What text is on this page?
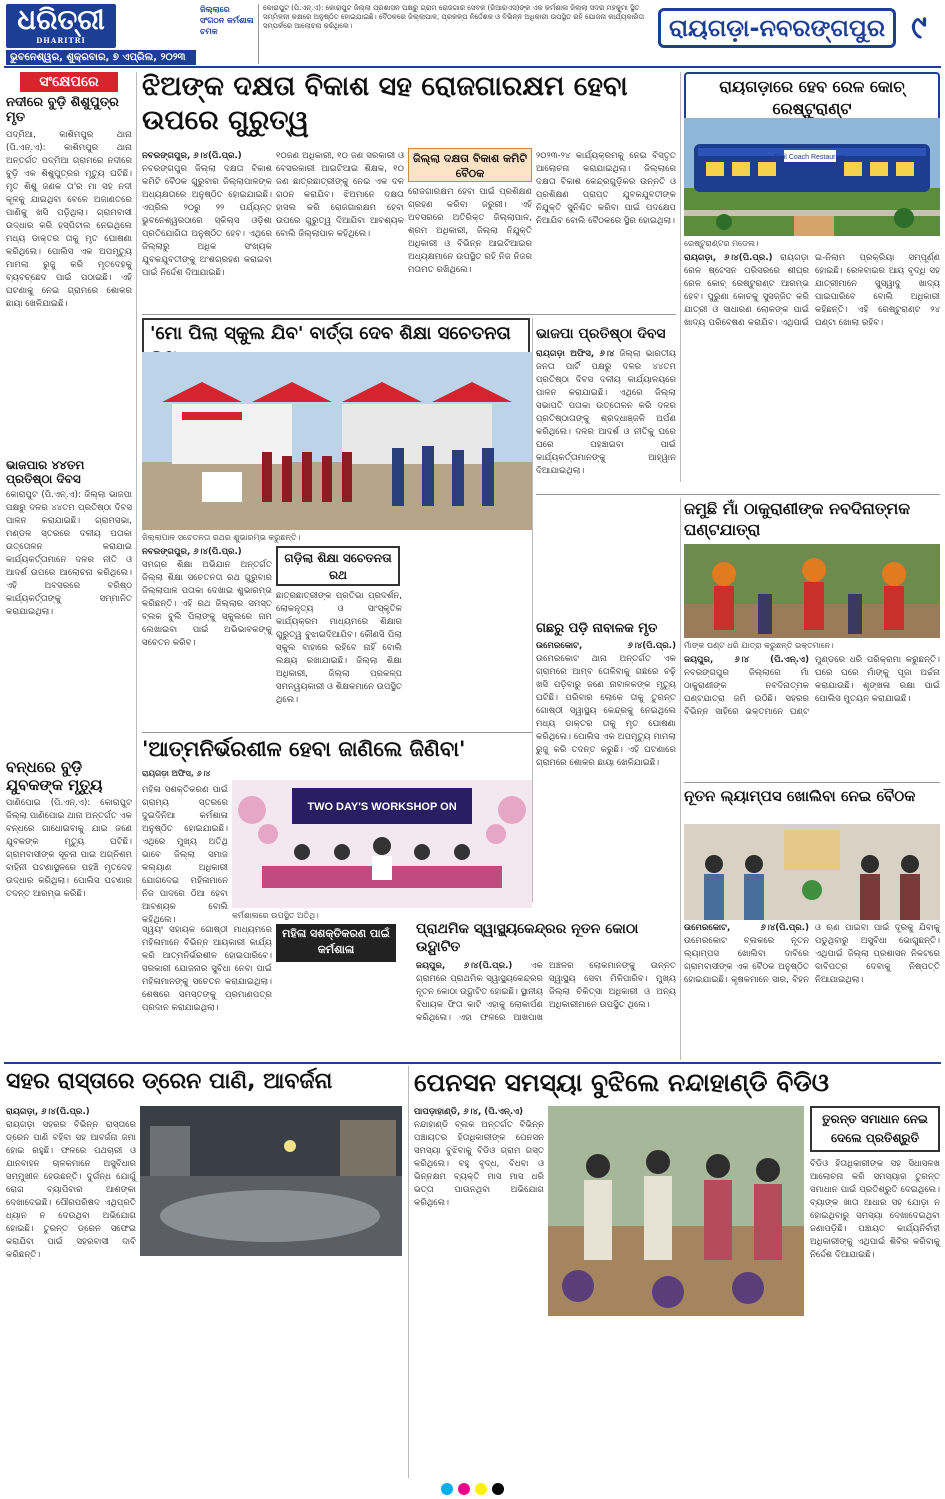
ଧରିତ୍ରୀ
DHARITRI
ଭୁବନେଶ୍ୱର, ଶୁକ୍ରବାର, ୭ ଏପ୍ରିଲ, ୨୦୨୩
ଜିଲ୍ଲାରେ ସଂଗଠନ କର୍ମଶାଳା ଚମକ
କୋରାପୁଟ (ପି.ଏନ୍.ଏ): କୋରାପୁଟ ଜିଲ୍ଲା ପ୍ରଶାସନ ପକ୍ଷରୁ ଗ୍ରାମ ରୋଜଗାର ସେବକ (ଜିଆରଏସ)ଙ୍କ ଏକ କର୍ମଶାଳା ଜିଲ୍ଲା ସଦର ମହକୁମା ସ୍ଥିତ ସମ୍ମିଳନୀ କକ୍ଷରେ ଅନୁଷ୍ଠିତ ହୋଇଯାଇଛି। ବୈଠକରେ ଜିଲ୍ଲାପାଳ, ପ୍ରକଳ୍ପ ନିର୍ଦ୍ଦେଶକ ଓ ବିଭିନ୍ନ ଅଧିକାରୀ ଉପସ୍ଥିତ ରହି ଯୋଜନା କାର୍ଯ୍ୟକାରିତା ସମ୍ପର୍କରେ ଆଲୋଚନା କରିଥିଲେ।	ରାୟଗଡ଼ା-ନବରଙ୍ଗପୁର ୯
ସଂକ୍ଷେପରେ
ନଦୀରେ ବୁଡ଼ି ଶିଶୁପୁତ୍ର ମୃତ
ପଦ୍ମିଆ, କାଶିମପୁର ଥାନା (ପି.ଏନ୍.ଏ): କାଶିମପୁର ଥାନା ଅନ୍ତର୍ଗତ ପଦ୍ମିଆ ଗ୍ରାମରେ ନଦୀରେ ବୁଡ଼ି ଏକ ଶିଶୁପୁତ୍ରର ମୃତ୍ୟୁ ଘଟିଛି। ମୃତ ଶିଶୁ ଜଣକ ତା'ର ମା ସହ ନଦୀ କୂଳକୁ ଯାଇଥିବା ବେଳେ ଅଜାଣତରେ ପାଣିକୁ ଖସି ପଡ଼ିଥିଲା। ଗ୍ରାମବାସୀ ଉଦ୍ଧାର କରି ହସ୍ପିଟାଲ ନେଇଥିଲେ ମଧ୍ୟ ଡାକ୍ତର ତାକୁ ମୃତ ଘୋଷଣା କରିଥିଲେ। ପୋଲିସ ଏକ ଅପମୃତ୍ୟୁ ମାମଲା ରୁଜୁ କରି ମୃତଦେହକୁ ବ୍ୟବଚ୍ଛେଦ ପାଇଁ ପଠାଇଛି। ଏହି ଘଟଣାକୁ ନେଇ ଗ୍ରାମରେ ଶୋକର ଛାୟା ଖେଳିଯାଇଛି।
ଭାଜପାର ୪୪ତମ ପ୍ରତିଷ୍ଠା ଦିବସ
କୋରାପୁଟ (ପି.ଏନ୍.ଏ): ଜିଲ୍ଲା ଭାଜପା ପକ୍ଷରୁ ଦଳର ୪୪ତମ ପ୍ରତିଷ୍ଠା ଦିବସ ପାଳନ କରାଯାଇଛି। ଗ୍ରାମସଭା, ମଣ୍ଡଳ ସ୍ତରରେ ଦଳୀୟ ପତାକା ଉତ୍ତୋଳନ କରାଯାଇ କାର୍ଯ୍ୟକର୍ତ୍ତାମାନେ ଦଳର ନୀତି ଓ ଆଦର୍ଶ ଉପରେ ଆଲୋଚନା କରିଥିଲେ। ଏହି ଅବସରରେ ବରିଷ୍ଠ କାର୍ଯ୍ୟକର୍ତ୍ତାଙ୍କୁ ସମ୍ମାନିତ କରାଯାଇଥିଲା।
ବନ୍ଧରେ ବୁଡ଼ି ଯୁବକଙ୍କ ମୃତ୍ୟୁ
ପାଣିପୋଇ (ପି.ଏନ୍.ଏ): କୋରାପୁଟ ଜିଲ୍ଲା ପାଣିପୋଇ ଥାନା ଅନ୍ତର୍ଗତ ଏକ ବନ୍ଧରେ ଗାଧୋଇବାକୁ ଯାଇ ଜଣେ ଯୁବକଙ୍କ ମୃତ୍ୟୁ ଘଟିଛି। ଗ୍ରାମବାସୀଙ୍କ ସୂଚନା ପାଇ ଅଗ୍ନିଶମ ବାହିନୀ ଘଟଣାସ୍ଥଳରେ ପହଞ୍ଚି ମୃତଦେହ ଉଦ୍ଧାର କରିଥିଲା। ପୋଲିସ ଘଟଣାର ତଦନ୍ତ ଆରମ୍ଭ କରିଛି।
ଝିଅଙ୍କ ଦକ୍ଷତା ବିକାଶ ସହ ରୋଜଗାରକ୍ଷମ ହେବା ଉପରେ ଗୁରୁତ୍ୱ
ନବରଙ୍ଗପୁର, ୬।୪(ପି.ପ୍ର.)
ନବରଙ୍ଗପୁର ଜିଲ୍ଲା ଦକ୍ଷତା ବିକାଶ କମିଟି ବୈଠକ ଗୁରୁବାର ଜିଲ୍ଲାପାଳଙ୍କ ଅଧ୍ୟକ୍ଷତାରେ ଅନୁଷ୍ଠିତ ହୋଇଯାଇଛି। ଏପ୍ରିଲ ୨୦ରୁ ୨୨ ପର୍ଯ୍ୟନ୍ତ ଭୁବନେଶ୍ୱରଠାରେ ସ୍କିଲ୍ସ ଓଡ଼ିଶା ପ୍ରତିଯୋଗିତା ଅନୁଷ୍ଠିତ ହେବ। ଏଥିରେ ଜିଲ୍ଲାରୁ ଅଧିକ ସଂଖ୍ୟକ ଯୁବକଯୁବତୀଙ୍କୁ ଅଂଶଗ୍ରହଣ କରାଇବା ପାଇଁ ନିର୍ଦ୍ଦେଶ ଦିଆଯାଇଛି।
୧୦ଜଣ ଅଧିକାରୀ, ୧୦ ଜଣ ସରକାରୀ ଓ ବେସରକାରୀ ଆଇଟିଆଇ ଶିକ୍ଷକ, ୧୦ ଜଣ ଛାତ୍ରଛାତ୍ରୀଙ୍କୁ ନେଇ ଏକ ଦଳ ଗଠନ କରାଯିବ। ଝିଅମାନେ ଦକ୍ଷତା ହାସଲ କରି ରୋଜଗାରକ୍ଷମ ହେବା ଉପରେ ଗୁରୁତ୍ୱ ଦିଆଯିବା ଆବଶ୍ୟକ ବୋଲି ଜିଲ୍ଲାପାଳ କହିଥିଲେ।
ଜିଲ୍ଲା ଦକ୍ଷତା ବିକାଶ କମିଟି ବୈଠକ
ରୋଜଗାରକ୍ଷମ ହେବା ପାଇଁ ପ୍ରଶିକ୍ଷଣ ଗ୍ରହଣ କରିବା ଜରୁରୀ। ଏହି ଅବସରରେ ଅତିରିକ୍ତ ଜିଲ୍ଲାପାଳ, ଶ୍ରମ ଅଧିକାରୀ, ଜିଲ୍ଲା ନିଯୁକ୍ତି ଅଧିକାରୀ ଓ ବିଭିନ୍ନ ଆଇଟିଆଇର ଅଧ୍ୟକ୍ଷମାନେ ଉପସ୍ଥିତ ରହି ନିଜ ନିଜର ମତାମତ ରଖିଥିଲେ।
୨୦୨୩-୨୪ କାର୍ଯ୍ୟକ୍ରମକୁ ନେଇ ବିସ୍ତୃତ ଆଲୋଚନା କରାଯାଇଥିଲା। ଜିଲ୍ଲାରେ ଦକ୍ଷତା ବିକାଶ କେନ୍ଦ୍ରଗୁଡ଼ିକର ଉନ୍ନତି ଓ ପ୍ରଶିକ୍ଷଣ ପ୍ରାପ୍ତ ଯୁବକଯୁବତୀଙ୍କ ନିଯୁକ୍ତି ସୁନିଶ୍ଚିତ କରିବା ପାଇଁ ପଦକ୍ଷେପ ନିଆଯିବ ବୋଲି ବୈଠକରେ ସ୍ଥିର ହୋଇଥିଲା।
ରାୟଗଡ଼ାରେ ହେବ ରେଳ କୋଚ୍ ରେଷ୍ଟୁରାଣ୍ଟ
Rail Coach Restaurant
ରେଷ୍ଟୁରାଣ୍ଟର ମଡେଲ।
ରାୟଗଡ଼ା, ୬।୪(ପି.ପ୍ର.) ରାୟଗଡ଼ା ରେଳ ଷ୍ଟେସନ ପରିସରରେ ଶୀଘ୍ର ରେଳ କୋଚ୍ ରେଷ୍ଟୁରାଣ୍ଟ ଆରମ୍ଭ ହେବ। ପୁରୁଣା କୋଚକୁ ସୁସଜ୍ଜିତ କରି ଯାତ୍ରୀ ଓ ସାଧାରଣ ଲୋକଙ୍କ ପାଇଁ ଖାଦ୍ୟ ପରିବେଷଣ କରାଯିବ। ଏଥିପାଇଁ ଇ-ନିଲାମ ପ୍ରକ୍ରିୟା ସମ୍ପୂର୍ଣ୍ଣ ହୋଇଛି। ରେଳବାଇର ଆୟ ବୃଦ୍ଧି ସହ ଯାତ୍ରୀମାନେ ସୁସ୍ୱାଦୁ ଖାଦ୍ୟ ପାଇପାରିବେ ବୋଲି ଅଧିକାରୀ କହିଛନ୍ତି। ଏହି ରେଷ୍ଟୁରାଣ୍ଟ ୨୪ ଘଣ୍ଟା ଖୋଲା ରହିବ।
'ମୋ ପିଲା ସ୍କୁଲ ଯିବ' ବାର୍ତ୍ତା ଦେବ ଶିକ୍ଷା ସଚେତନତା
ଜିଲ୍ଲାପାଳ ସଚେତନତା ରଥର ଶୁଭାରମ୍ଭ କରୁଛନ୍ତି।
ନବରଙ୍ଗପୁର, ୬।୪(ପି.ପ୍ର.)
ସମଗ୍ର ଶିକ୍ଷା ଅଭିଯାନ ଅନ୍ତର୍ଗତ ଜିଲ୍ଲା ଶିକ୍ଷା ସଚେତନତା ରଥ ଗୁରୁବାର ଜିଲ୍ଲାପାଳ ପତାକା ଦେଖାଇ ଶୁଭାରମ୍ଭ କରିଛନ୍ତି। ଏହି ରଥ ଜିଲ୍ଲାର ସମସ୍ତ ବ୍ଲକ ବୁଲି ପିଲାଙ୍କୁ ସ୍କୁଲରେ ନାମ ଲେଖାଇବା ପାଇଁ ଅଭିଭାବକଙ୍କୁ ସଚେତନ କରିବ।
ଗଡ଼ିଲା ଶିକ୍ଷା ସଚେତନତା ରଥ
ଛାତ୍ରଛାତ୍ରୀଙ୍କ ପ୍ରତିଭା ପ୍ରଦର୍ଶନ, ଲୋକନୃତ୍ୟ ଓ ସାଂସ୍କୃତିକ କାର୍ଯ୍ୟକ୍ରମ ମାଧ୍ୟମରେ ଶିକ୍ଷାର ଗୁରୁତ୍ୱ ବୁଝାଇଦିଆଯିବ। କୌଣସି ପିଲା ସ୍କୁଲ ବାହାରେ ରହିବେ ନାହିଁ ବୋଲି ଲକ୍ଷ୍ୟ ରଖାଯାଇଛି। ଜିଲ୍ଲା ଶିକ୍ଷା ଅଧିକାରୀ, ଜିଲ୍ଲା ପ୍ରକଳ୍ପ ସମନ୍ୱୟକାରୀ ଓ ଶିକ୍ଷକମାନେ ଉପସ୍ଥିତ ଥିଲେ।
ଭାଜପା ପ୍ରତିଷ୍ଠା ଦିବସ
ରାୟଗଡ଼ା ଅଫିସ, ୬।୪ ଜିଲ୍ଲା ଭାରତୀୟ ଜନତା ପାର୍ଟି ପକ୍ଷରୁ ଦଳର ୪୪ତମ ପ୍ରତିଷ୍ଠା ଦିବସ ଦଳୀୟ କାର୍ଯ୍ୟାଳୟରେ ପାଳନ କରାଯାଇଛି। ଏଥିରେ ଜିଲ୍ଲା ସଭାପତି ପତାକା ଉତ୍ତୋଳନ କରି ଦଳର ପ୍ରତିଷ୍ଠାତାଙ୍କୁ ଶ୍ରଦ୍ଧାଞ୍ଜଳି ଅର୍ପଣ କରିଥିଲେ। ଦଳର ଆଦର୍ଶ ଓ ନୀତିକୁ ଘରେ ଘରେ ପହଞ୍ଚାଇବା ପାଇଁ କାର୍ଯ୍ୟକର୍ତ୍ତାମାନଙ୍କୁ ଆହ୍ୱାନ ଦିଆଯାଇଥିଲା।
ଜମୁଛି ମାଁ ଠାକୁରାଣୀଙ୍କ ନବଦିନାତ୍ମକ ଘଣ୍ଟଯାତ୍ରା
ମାଁଙ୍କ ଘଣ୍ଟ ଧରି ଯାତ୍ରା କରୁଛନ୍ତି ଭକ୍ତମାନେ।
ଜୟପୁର, ୬।୪ (ପି.ଏନ୍.ଏ) ନବରଙ୍ଗପୁର ଜିଲ୍ଲାରେ ମାଁ ଠାକୁରାଣୀଙ୍କ ନବଦିନାତ୍ମକ ଘଣ୍ଟଯାତ୍ରା ଜମି ଉଠିଛି। ସହରର ବିଭିନ୍ନ ସାହିରେ ଭକ୍ତମାନେ ଘଣ୍ଟ ମୁଣ୍ଡରେ ଧରି ପରିକ୍ରମା କରୁଛନ୍ତି। ଘରେ ଘରେ ମାଁଙ୍କୁ ପୂଜା ଅର୍ଚ୍ଚନା କରାଯାଉଛି। ଶୃଙ୍ଖଳା ରକ୍ଷା ପାଇଁ ପୋଲିସ ମୁତୟନ କରାଯାଇଛି।
ଗଛରୁ ପଡ଼ି ନାବାଳକ ମୃତ
ଉମେରକୋଟ, ୬।୪(ପି.ପ୍ର.) ଉମେରକୋଟ ଥାନା ଅନ୍ତର୍ଗତ ଏକ ଗ୍ରାମରେ ଆମ୍ବ ତୋଳିବାକୁ ଗଛରେ ଚଢ଼ି ଖସି ପଡ଼ିବାରୁ ଜଣେ ନାବାଳକଙ୍କ ମୃତ୍ୟୁ ଘଟିଛି। ପରିବାର ଲୋକେ ତାକୁ ତୁରନ୍ତ ଗୋଷ୍ଠୀ ସ୍ୱାସ୍ଥ୍ୟ କେନ୍ଦ୍ରକୁ ନେଇଥିଲେ ମଧ୍ୟ ଡାକ୍ତର ତାକୁ ମୃତ ଘୋଷଣା କରିଥିଲେ। ପୋଲିସ ଏକ ଅପମୃତ୍ୟୁ ମାମଲା ରୁଜୁ କରି ତଦନ୍ତ କରୁଛି। ଏହି ଘଟଣାରେ ଗ୍ରାମରେ ଶୋକର ଛାୟା ଖେଳିଯାଇଛି।
'ଆତ୍ମନିର୍ଭରଶୀଳ ହେବା ଜାଣିଲେ ଜିଣିବା'
ରାୟଗଡ଼ା ଅଫିସ, ୬।୪
TWO DAY'S WORKSHOP ON
କର୍ମଶାଳାରେ ଉପସ୍ଥିତ ଅତିଥି।
ମହିଳା ସଶକ୍ତିକରଣ ପାଇଁ ଗ୍ରାମ୍ୟ ସ୍ତରରେ ଦୁଇଦିନିଆ କର୍ମଶାଳା ଅନୁଷ୍ଠିତ ହୋଇଯାଇଛି। ଏଥିରେ ମୁଖ୍ୟ ଅତିଥି ଭାବେ ଜିଲ୍ଲା ସମାଜ କଲ୍ୟାଣ ଅଧିକାରୀ ଯୋଗଦେଇ ମହିଳାମାନେ ନିଜ ପାଦରେ ଠିଆ ହେବା ଆବଶ୍ୟକ ବୋଲି କହିଥିଲେ।
ମହିଳା ସଶକ୍ତିକରଣ ପାଇଁ କର୍ମଶାଳା
ସ୍ୱୟଂ ସହାୟକ ଗୋଷ୍ଠୀ ମାଧ୍ୟମରେ ମହିଳାମାନେ ବିଭିନ୍ନ ଆୟକାରୀ କାର୍ଯ୍ୟ କରି ଆତ୍ମନିର୍ଭରଶୀଳ ହୋଇପାରିବେ। ସରକାରୀ ଯୋଜନାର ସୁବିଧା ନେବା ପାଇଁ ମହିଳାମାନଙ୍କୁ ସଚେତନ କରାଯାଇଥିଲା। ଶେଷରେ ସମସ୍ତଙ୍କୁ ପ୍ରମାଣପତ୍ର ପ୍ରଦାନ କରାଯାଇଥିଲା।
ପ୍ରାଥମିକ ସ୍ୱାସ୍ଥ୍ୟକେନ୍ଦ୍ରର ନୂତନ କୋଠା ଉଦ୍ଘାଟିତ
ଜୟପୁର, ୬।୪(ପି.ପ୍ର.) ଏକ ଗ୍ରାମରେ ପ୍ରାଥମିକ ସ୍ୱାସ୍ଥ୍ୟକେନ୍ଦ୍ରର ନୂତନ କୋଠା ଉଦ୍ଘାଟିତ ହୋଇଛି। ସ୍ଥାନୀୟ ବିଧାୟକ ଫିତା କାଟି ଏହାକୁ ଲୋକାର୍ପଣ କରିଥିଲେ। ଏହା ଫଳରେ ଆଖପାଖ ଅଞ୍ଚଳର ଲୋକମାନଙ୍କୁ ଉନ୍ନତ ସ୍ୱାସ୍ଥ୍ୟ ସେବା ମିଳିପାରିବ। ମୁଖ୍ୟ ଜିଲ୍ଲା ଚିକିତ୍ସା ଅଧିକାରୀ ଓ ଅନ୍ୟ ଅଧିକାରୀମାନେ ଉପସ୍ଥିତ ଥିଲେ।
ନୂତନ ଲ୍ୟାମ୍ପସ ଖୋଲିବା ନେଇ ବୈଠକ
ଉମେରକୋଟ, ୬।୪(ପି.ପ୍ର.) ଉମେରକୋଟ ବ୍ଲକରେ ନୂତନ ଲ୍ୟାମ୍ପସ ଖୋଲିବା ଦାବିରେ ଗ୍ରାମବାସୀଙ୍କ ଏକ ବୈଠକ ଅନୁଷ୍ଠିତ ହୋଇଯାଇଛି। କୃଷକମାନେ ସାର, ବିହନ ଓ ଋଣ ପାଇବା ପାଇଁ ଦୂରକୁ ଯିବାକୁ ପଡୁଥିବାରୁ ଅସୁବିଧା ଭୋଗୁଛନ୍ତି। ଏଥିପାଇଁ ଜିଲ୍ଲା ପ୍ରଶାସନ ନିକଟରେ ଦାବିପତ୍ର ଦେବାକୁ ନିଷ୍ପତ୍ତି ନିଆଯାଇଥିଲା।
ସହର ରାସ୍ତାରେ ଡ୍ରେନ ପାଣି, ଆବର୍ଜନା
ରାୟଗଡ଼ା, ୬।୪(ପି.ପ୍ର.)
ରାୟଗଡ଼ା ସହରର ବିଭିନ୍ନ ରାସ୍ତାରେ ଡ୍ରେନ ପାଣି ବହିବା ସହ ଆବର୍ଜନା ଜମା ହୋଇ ରହୁଛି। ଫଳରେ ପଥଚାରୀ ଓ ଯାନବାହନ ଚାଳକମାନେ ଅସୁବିଧାର ସମ୍ମୁଖୀନ ହେଉଛନ୍ତି। ଦୁର୍ଗନ୍ଧ ଯୋଗୁଁ ରୋଗ ବ୍ୟାପିବାର ଆଶଙ୍କା ଦେଖାଦେଇଛି। ପୌରପରିଷଦ ଏଥିପ୍ରତି ଧ୍ୟାନ ନ ଦେଉଥିବା ଅଭିଯୋଗ ହୋଇଛି। ତୁରନ୍ତ ଡ୍ରେନ ସଫେଇ କରାଯିବା ପାଇଁ ସହରବାସୀ ଦାବି କରିଛନ୍ତି।
ପେନସନ ସମସ୍ୟା ବୁଝିଲେ ନନ୍ଦାହାଣ୍ଡି ବିଡିଓ
ପାପଡ଼ାହାଣ୍ଡି, ୬।୪, (ପି.ଏନ୍.ଏ)
ନନ୍ଦାହାଣ୍ଡି ବ୍ଲକ ଅନ୍ତର୍ଗତ ବିଭିନ୍ନ ପଞ୍ଚାୟତର ହିତାଧିକାରୀଙ୍କ ପେନସନ ସମସ୍ୟା ବୁଝିବାକୁ ବିଡିଓ ଗ୍ରାମ ଗସ୍ତ କରିଥିଲେ। ବହୁ ବୃଦ୍ଧ, ବିଧବା ଓ ଭିନ୍ନକ୍ଷମ ବ୍ୟକ୍ତି ମାସ ମାସ ଧରି ଭତ୍ତା ପାଉନଥିବା ଅଭିଯୋଗ କରିଥିଲେ।
ତୁରନ୍ତ ସମାଧାନ ନେଇ ଦେଲେ ପ୍ରତିଶ୍ରୁତି
ବିଡିଓ ହିତାଧିକାରୀଙ୍କ ସହ ସିଧାସଳଖ ଆଲୋଚନା କରି ସମସ୍ୟାର ତୁରନ୍ତ ସମାଧାନ ପାଇଁ ପ୍ରତିଶ୍ରୁତି ଦେଇଥିଲେ। ବ୍ୟାଙ୍କ ଖାତା ଆଧାର ସହ ଯୋଡ଼ା ନ ହୋଇଥିବାରୁ ସମସ୍ୟା ଦେଖାଦେଇଥିବା ଜଣାପଡ଼ିଛି। ପଞ୍ଚାୟତ କାର୍ଯ୍ୟନିର୍ବାହୀ ଅଧିକାରୀଙ୍କୁ ଏଥିପାଇଁ ଶିବିର କରିବାକୁ ନିର୍ଦ୍ଦେଶ ଦିଆଯାଇଛି।
